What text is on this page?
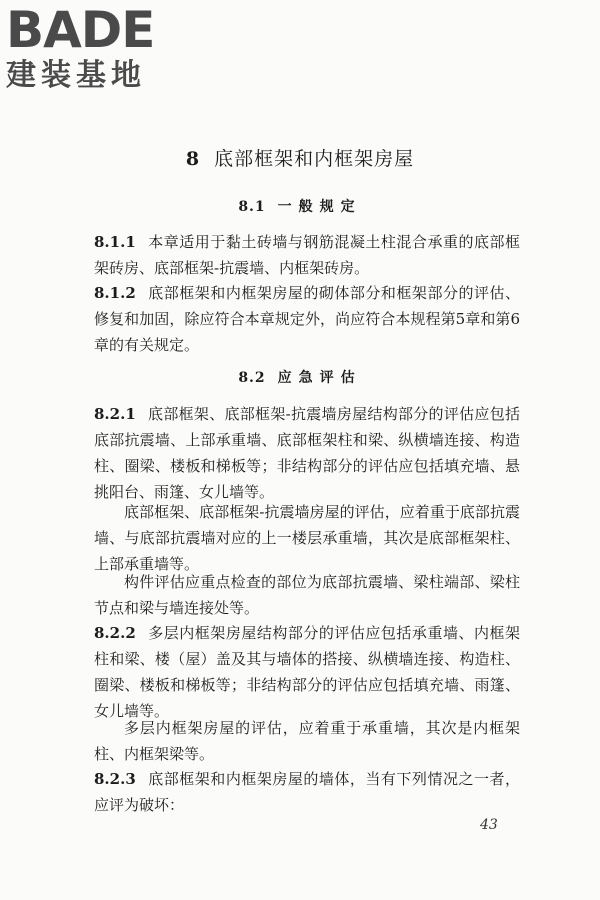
BADE
建装基地
8 底部框架和内框架房屋
8.1 一般规定
8.1.1 本章适用于黏土砖墙与钢筋混凝土柱混合承重的底部框架砖房、底部框架-抗震墙、内框架砖房。
8.1.2 底部框架和内框架房屋的砌体部分和框架部分的评估、修复和加固，除应符合本章规定外，尚应符合本规程第5章和第6章的有关规定。
8.2 应急评估
8.2.1 底部框架、底部框架-抗震墙房屋结构部分的评估应包括底部抗震墙、上部承重墙、底部框架柱和梁、纵横墙连接、构造柱、圈梁、楼板和梯板等；非结构部分的评估应包括填充墙、悬挑阳台、雨篷、女儿墙等。
底部框架、底部框架-抗震墙房屋的评估，应着重于底部抗震墙、与底部抗震墙对应的上一楼层承重墙，其次是底部框架柱、上部承重墙等。
构件评估应重点检查的部位为底部抗震墙、梁柱端部、梁柱节点和梁与墙连接处等。
8.2.2 多层内框架房屋结构部分的评估应包括承重墙、内框架柱和梁、楼（屋）盖及其与墙体的搭接、纵横墙连接、构造柱、圈梁、楼板和梯板等；非结构部分的评估应包括填充墙、雨篷、女儿墙等。
多层内框架房屋的评估，应着重于承重墙，其次是内框架柱、内框架梁等。
8.2.3 底部框架和内框架房屋的墙体，当有下列情况之一者，应评为破坏：
43
